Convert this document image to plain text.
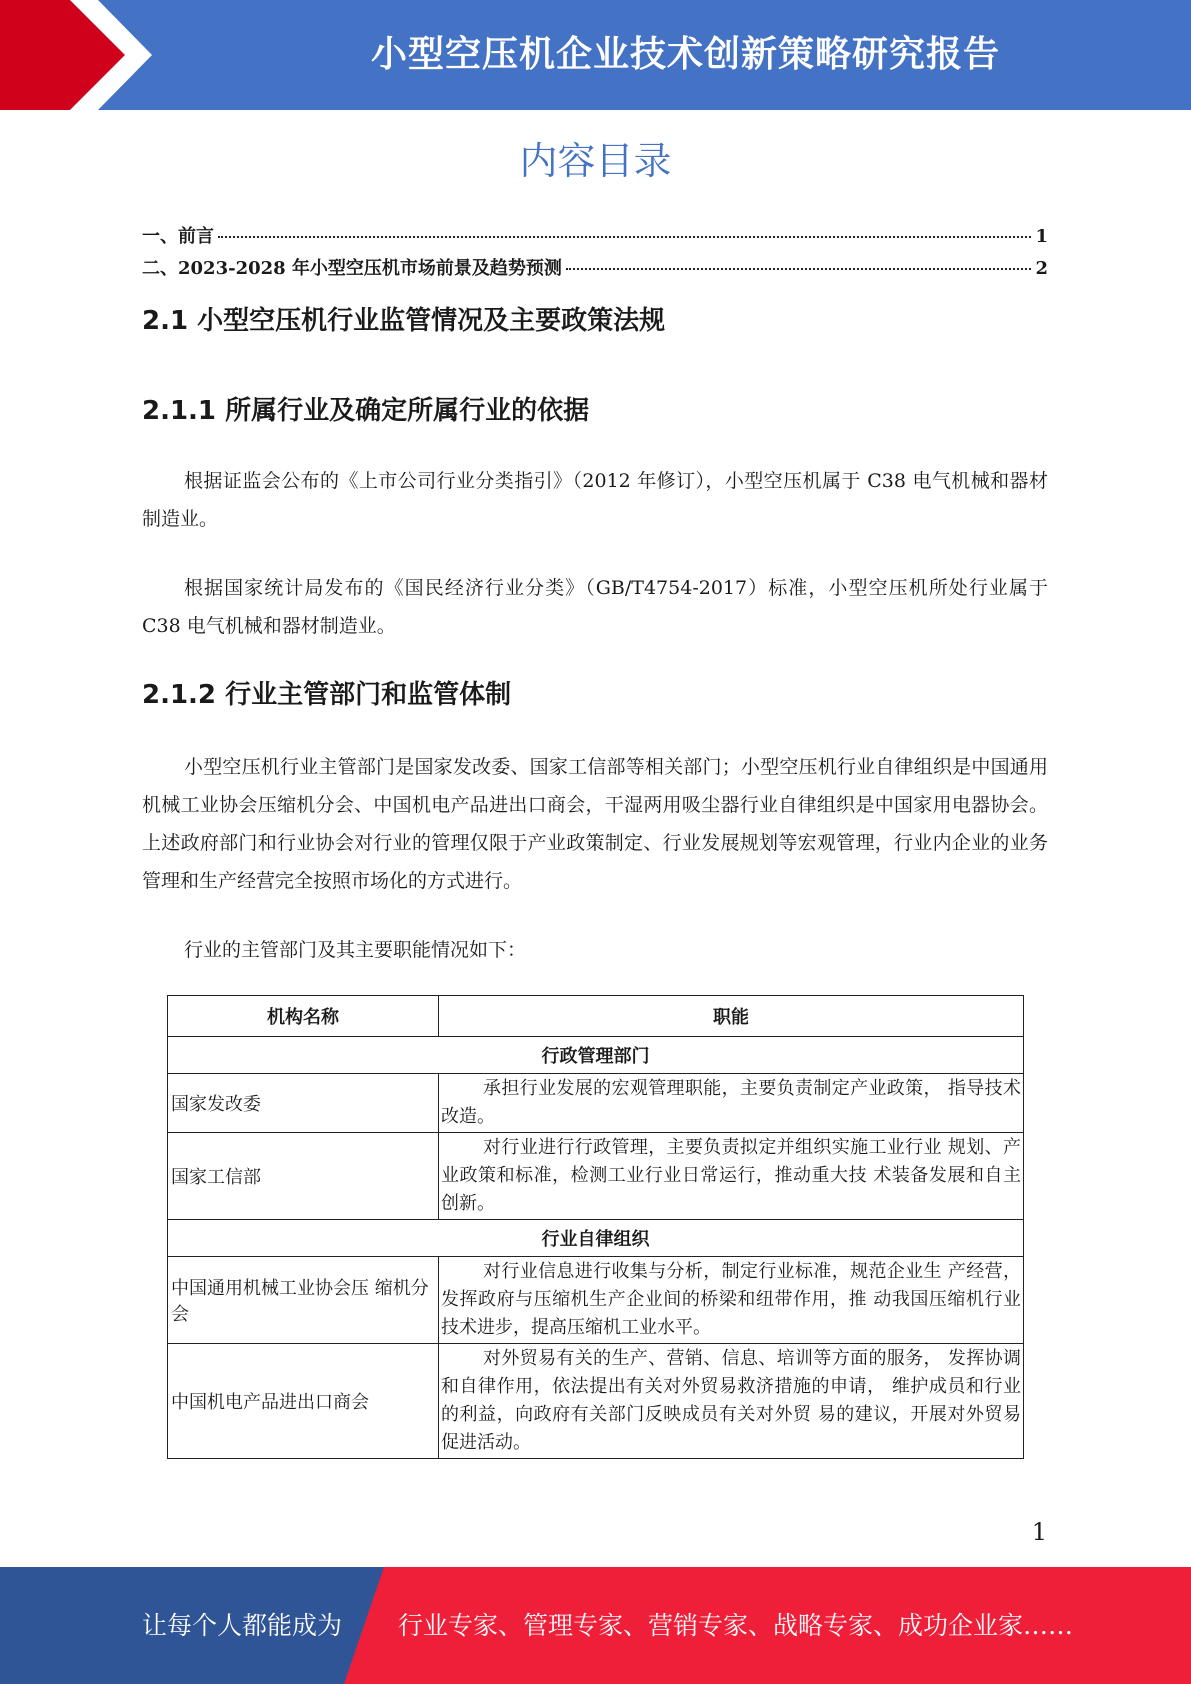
小型空压机企业技术创新策略研究报告
内容目录
一、前言	1
二、2023-2028 年小型空压机市场前景及趋势预测	2
2.1 小型空压机行业监管情况及主要政策法规
2.1.1 所属行业及确定所属行业的依据
根据证监会公布的《上市公司行业分类指引》（2012 年修订），小型空压机属于 C38 电气机械和器材制造业。
根据国家统计局发布的《国民经济行业分类》（GB/T4754-2017）标准，小型空压机所处行业属于 C38 电气机械和器材制造业。
2.1.2 行业主管部门和监管体制
小型空压机行业主管部门是国家发改委、国家工信部等相关部门；小型空压机行业自律组织是中国通用机械工业协会压缩机分会、中国机电产品进出口商会，干湿两用吸尘器行业自律组织是中国家用电器协会。上述政府部门和行业协会对行业的管理仅限于产业政策制定、行业发展规划等宏观管理，行业内企业的业务管理和生产经营完全按照市场化的方式进行。
行业的主管部门及其主要职能情况如下：
机构名称	职能
行政管理部门	
国家发改委	承担行业发展的宏观管理职能，主要负责制定产业政策， 指导技术改造。
国家工信部	对行业进行行政管理，主要负责拟定并组织实施工业行业 规划、产业政策和标准，检测工业行业日常运行，推动重大技 术装备发展和自主创新。
行业自律组织	
中国通用机械工业协会压 缩机分会	对行业信息进行收集与分析，制定行业标准，规范企业生 产经营，发挥政府与压缩机生产企业间的桥梁和纽带作用，推 动我国压缩机行业技术进步，提高压缩机工业水平。
中国机电产品进出口商会	对外贸易有关的生产、营销、信息、培训等方面的服务， 发挥协调和自律作用，依法提出有关对外贸易救济措施的申请， 维护成员和行业的利益，向政府有关部门反映成员有关对外贸 易的建议，开展对外贸易促进活动。
1
让每个人都能成为 行业专家、管理专家、营销专家、战略专家、成功企业家……
